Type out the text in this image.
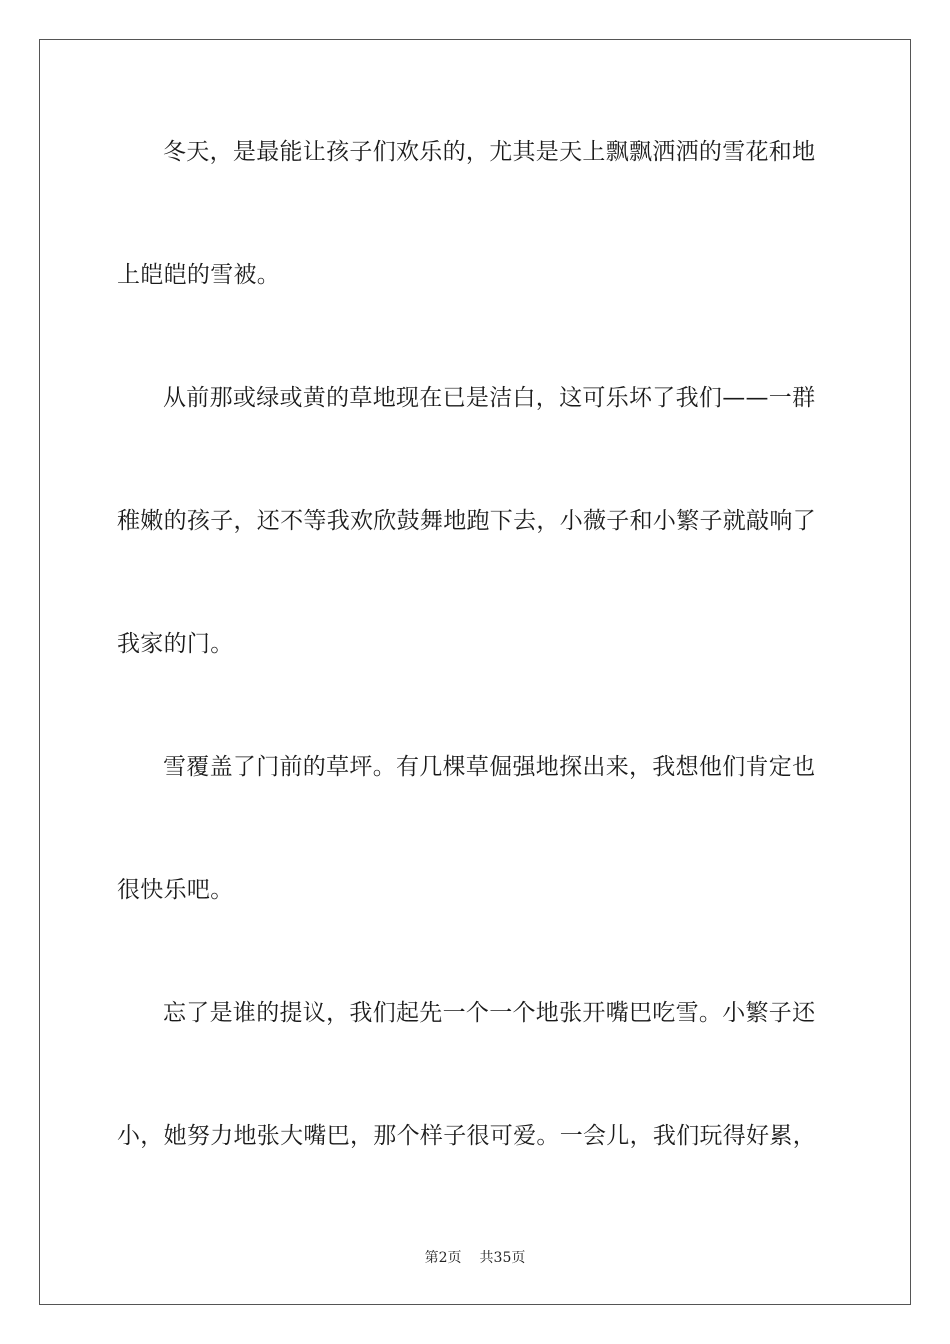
冬天，是最能让孩子们欢乐的，尤其是天上飘飘洒洒的雪花和地
上皑皑的雪被。
从前那或绿或黄的草地现在已是洁白，这可乐坏了我们——一群
稚嫩的孩子，还不等我欢欣鼓舞地跑下去，小薇子和小繁子就敲响了
我家的门。
雪覆盖了门前的草坪。有几棵草倔强地探出来，我想他们肯定也
很快乐吧。
忘了是谁的提议，我们起先一个一个地张开嘴巴吃雪。小繁子还
小，她努力地张大嘴巴，那个样子很可爱。一会儿，我们玩得好累，
第2页 共35页
